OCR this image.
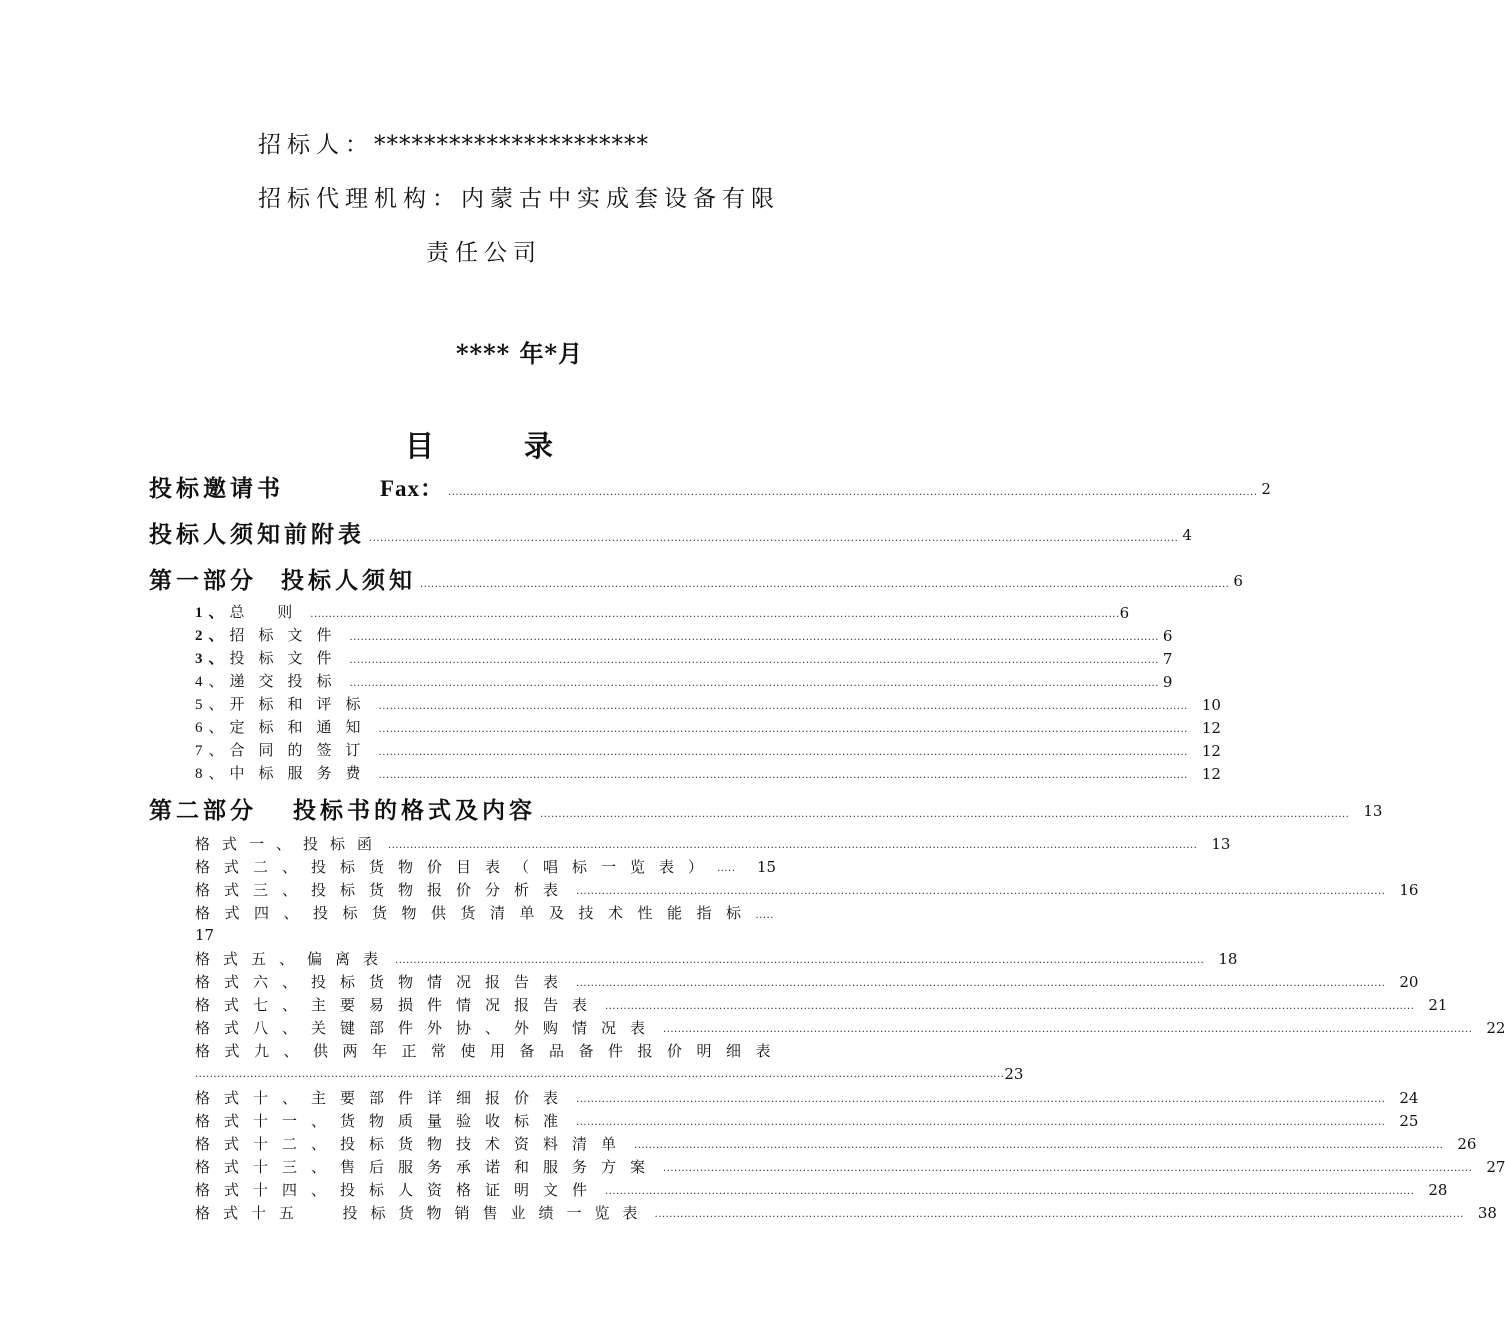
招标人：**********************
招标代理机构：内蒙古中实成套设备有限
责任公司
**** 年*月
目	录
投标邀请书	Fax： ............................................................................................................................................................................................................................ 2
投标人须知前附表 ............................................................................................................................................................................................................................ 4
第一部分  投标人须知 ............................................................................................................................................................................................................................ 6
1、总 则 ............................................................................................................................................................................................................................ 6
2、招标文件 ............................................................................................................................................................................................................................ 6
3、投标文件 ............................................................................................................................................................................................................................ 7
4、递交投标 ............................................................................................................................................................................................................................ 9
5、开标和评标 ............................................................................................................................................................................................................................ 10
6、定标和通知 ............................................................................................................................................................................................................................ 12
7、合同的签订 ............................................................................................................................................................................................................................ 12
8、中标服务费 ............................................................................................................................................................................................................................ 12
第二部分   投标书的格式及内容 ............................................................................................................................................................................................................................ 13
格式一、投标函 ............................................................................................................................................................................................................................ 13
格式二、投标货物价目表（唱标一览表） .....	15
格式三、投标货物报价分析表 ............................................................................................................................................................................................................................ 16
格式四、投标货物供货清单及技术性能指标.....
17
格式五、偏离表 ............................................................................................................................................................................................................................ 18
格式六、投标货物情况报告表 ............................................................................................................................................................................................................................ 20
格式七、主要易损件情况报告表 ............................................................................................................................................................................................................................ 21
格式八、关键部件外协、外购情况表 ............................................................................................................................................................................................................................ 22
格式九、供两年正常使用备品备件报价明细表
............................................................................................................................................................................................................................ 23
格式十、主要部件详细报价表 ............................................................................................................................................................................................................................ 24
格式十一、货物质量验收标准 ............................................................................................................................................................................................................................ 25
格式十二、投标货物技术资料清单 ............................................................................................................................................................................................................................ 26
格式十三、售后服务承诺和服务方案 ............................................................................................................................................................................................................................ 27
格式十四、投标人资格证明文件 ............................................................................................................................................................................................................................ 28
格式十五  投标货物销售业绩一览表 ............................................................................................................................................................................................................................ 38
